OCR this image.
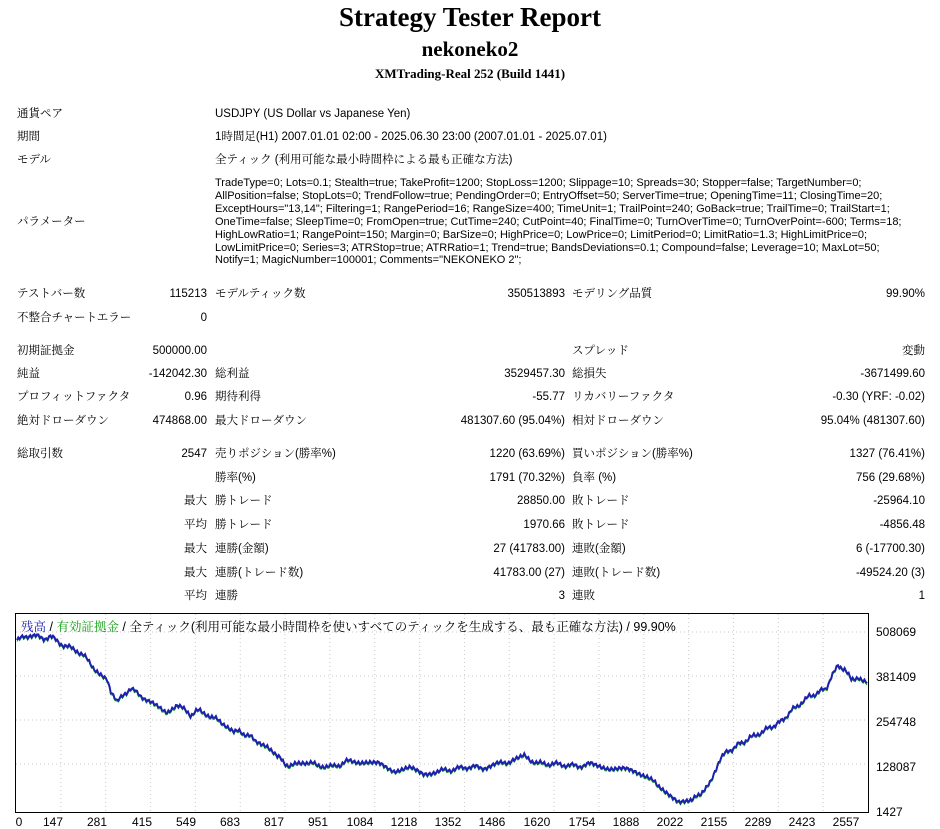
Strategy Tester Report
nekoneko2
XMTrading-Real 252 (Build 1441)
通貨ペア	USDJPY (US Dollar vs Japanese Yen)
期間	1時間足(H1) 2007.01.01 02:00 - 2025.06.30 23:00 (2007.01.01 - 2025.07.01)
モデル	全ティック (利用可能な最小時間枠による最も正確な方法)
パラメーター
TradeType=0; Lots=0.1; Stealth=true; TakeProfit=1200; StopLoss=1200; Slippage=10; Spreads=30; Stopper=false; TargetNumber=0; AllPosition=false; StopLots=0; TrendFollow=true; PendingOrder=0; EntryOffset=50; ServerTime=true; OpeningTime=11; ClosingTime=20; ExceptHours="13,14"; Filtering=1; RangePeriod=16; RangeSize=400; TimeUnit=1; TrailPoint=240; GoBack=true; TrailTime=0; TrailStart=1; OneTime=false; SleepTime=0; FromOpen=true; CutTime=240; CutPoint=40; FinalTime=0; TurnOverTime=0; TurnOverPoint=-600; Terms=18; HighLowRatio=1; RangePoint=150; Margin=0; BarSize=0; HighPrice=0; LowPrice=0; LimitPeriod=0; LimitRatio=1.3; HighLimitPrice=0; LowLimitPrice=0; Series=3; ATRStop=true; ATRRatio=1; Trend=true; BandsDeviations=0.1; Compound=false; Leverage=10; MaxLot=50; Notify=1; MagicNumber=100001; Comments="NEKONEKO 2";
テストバー数	115213 モデルティック数	350513893 モデリング品質	99.90%
不整合チャートエラー	0
初期証拠金	500000.00	スプレッド	変動
純益	-142042.30 総利益	3529457.30 総損失	-3671499.60
プロフィットファクタ	0.96 期待利得	-55.77 リカバリーファクタ	-0.30 (YRF: -0.02)
絶対ドローダウン	474868.00 最大ドローダウン	481307.60 (95.04%) 相対ドローダウン	95.04% (481307.60)
総取引数	2547 売りポジション(勝率%)	1220 (63.69%) 買いポジション(勝率%)	1327 (76.41%)
勝率(%)	1791 (70.32%) 負率 (%)	756 (29.68%)
最大 勝トレード	28850.00 敗トレード	-25964.10
平均 勝トレード	1970.66 敗トレード	-4856.48
最大 連勝(金額)	27 (41783.00) 連敗(金額)	6 (-17700.30)
最大 連勝(トレード数)	41783.00 (27) 連敗(トレード数)	-49524.20 (3)
平均 連勝	3 連敗	1
残高 / 有効証拠金 / 全ティック(利用可能な最小時間枠を使いすべてのティックを生成する、最も正確な方法) / 99.90%	508069
381409
254748
128087
1427
0 147 281 415 549 683 817 951 1084 1218 1352 1486 1620 1754 1888 2022 2155 2289 2423 2557
